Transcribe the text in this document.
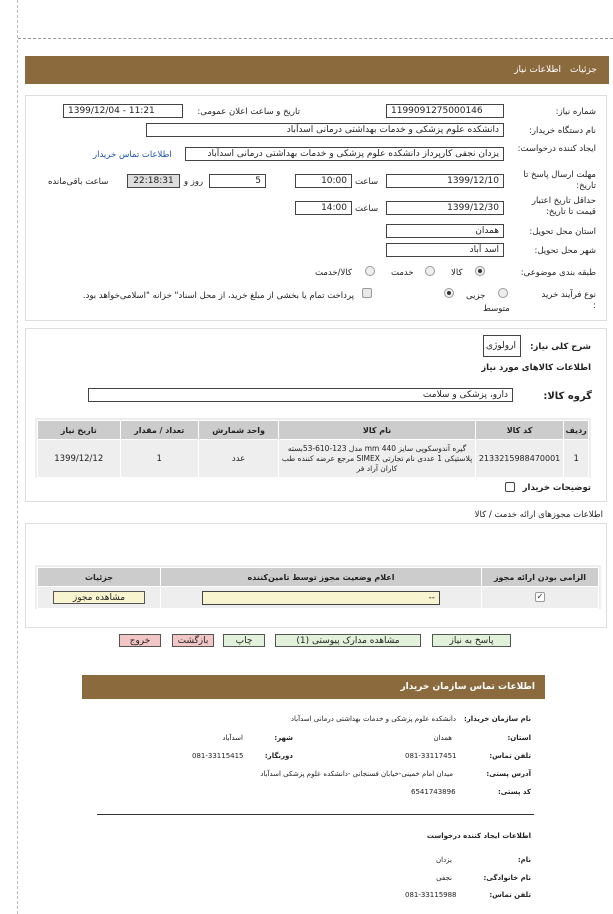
جزئیات
اطلاعات نیاز
شماره نیاز:
1199091275000146
تاریخ و ساعت اعلان عمومی:
1399/12/04 - 11:21
نام دستگاه خریدار:
دانشکده علوم پزشکی و خدمات بهداشتی درمانی اسدآباد
ایجاد کننده درخواست:
یزدان نجفی کارپرداز دانشکده علوم پزشکی و خدمات بهداشتی درمانی اسدآباد
اطلاعات تماس خریدار
مهلت ارسال پاسخ تا تاریخ:
1399/12/10
ساعت
10:00
5
روز و
22:18:31
ساعت باقی‌مانده
حداقل تاریخ اعتبار قیمت تا تاریخ:
1399/12/30
ساعت
14:00
استان محل تحویل:
همدان
شهر محل تحویل:
اسد آباد
طبقه بندی موضوعی:
کالا
خدمت
کالا/خدمت
نوع فرآیند خرید :
جزیی
متوسط
پرداخت تمام یا بخشی از مبلغ خرید، از محل اسناد" خزانه "اسلامی‌خواهد بود.
شرح کلی نیاز:
ارولوژی
اطلاعات کالاهای مورد نیاز
گروه کالا:
دارو، پزشکی و سلامت
ردیف	کد کالا	نام کالا	واحد شمارش	تعداد / مقدار	تاریخ نیاز
1	2133215988470001	گیره آندوسکوپی سایز 440 mm مدل 123-610-53بسته پلاستیکی 1 عددی نام تجارتی SIMEX مرجع عرضه کننده طب کاران آراد فر	عدد	1	1399/12/12
توضیحات خریدار
اطلاعات مجوزهای ارائه خدمت / کالا
الزامی بودن ارائه مجوز	اعلام وضعیت مجوز توسط تامین‌کننده	جزئیات
✓	--	مشاهده مجوز
پاسخ به نیاز
مشاهده مدارک پیوستی (1)
چاپ
بازگشت
خروج
اطلاعات تماس سازمان خریدار
نام سازمان خریدار:
دانشکده علوم پزشکی و خدمات بهداشتی درمانی اسدآباد
استان:
همدان
شهر:
اسدآباد
تلفن تماس:
081-33117451
دورنگار:
081-33115415
آدرس پستی:
میدان امام خمینی-خیابان فسنجانی -دانشکده علوم پزشکی اسدآباد
کد پستی:
6541743896
اطلاعات ایجاد کننده درخواست
نام:
یزدان
نام خانوادگی:
نجفی
تلفن تماس:
081-33115988
